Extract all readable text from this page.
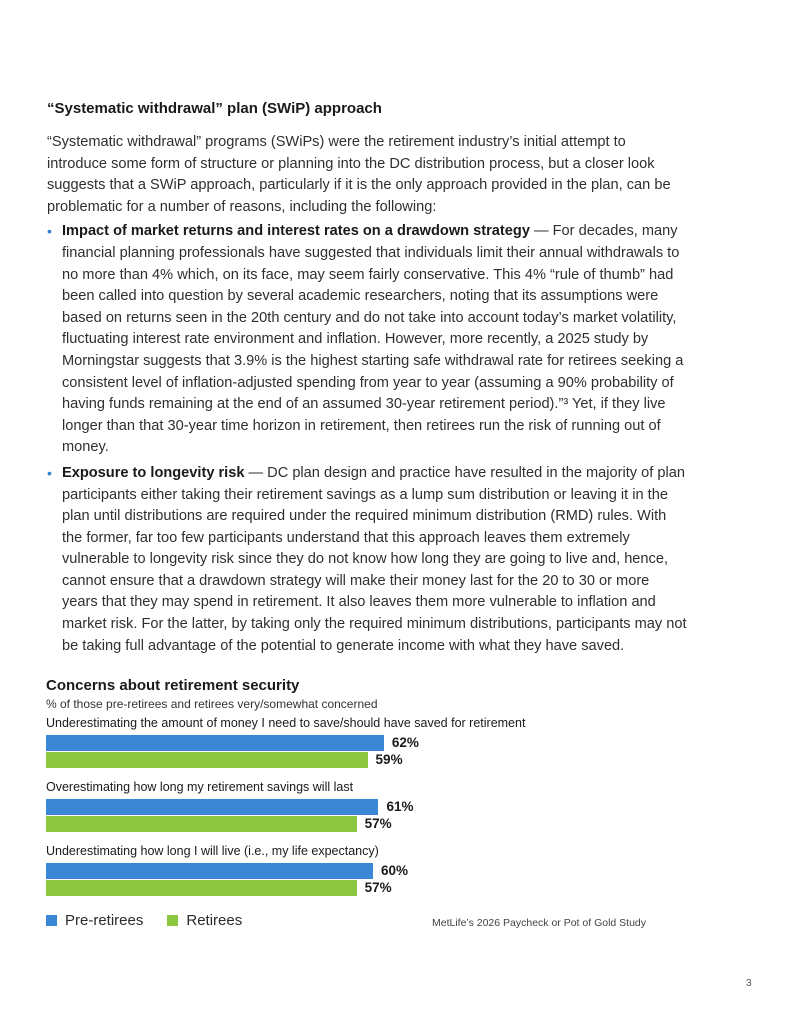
“Systematic withdrawal” plan (SWiP) approach

“Systematic withdrawal” programs (SWiPs) were the retirement industry’s initial attempt to introduce some form of structure or planning into the DC distribution process, but a closer look suggests that a SWiP approach, particularly if it is the only approach provided in the plan, can be problematic for a number of reasons, including the following:

• Impact of market returns and interest rates on a drawdown strategy — For decades, many financial planning professionals have suggested that individuals limit their annual withdrawals to no more than 4% which, on its face, may seem fairly conservative. This 4% “rule of thumb” had been called into question by several academic researchers, noting that its assumptions were based on returns seen in the 20th century and do not take into account today’s market volatility, fluctuating interest rate environment and inflation. However, more recently, a 2025 study by Morningstar suggests that 3.9% is the highest starting safe withdrawal rate for retirees seeking a consistent level of inflation-adjusted spending from year to year (assuming a 90% probability of having funds remaining at the end of an assumed 30-year retirement period).”³ Yet, if they live longer than that 30-year time horizon in retirement, then retirees run the risk of running out of money.
• Exposure to longevity risk — DC plan design and practice have resulted in the majority of plan participants either taking their retirement savings as a lump sum distribution or leaving it in the plan until distributions are required under the required minimum distribution (RMD) rules. With the former, far too few participants understand that this approach leaves them extremely vulnerable to longevity risk since they do not know how long they are going to live and, hence, cannot ensure that a drawdown strategy will make their money last for the 20 to 30 or more years that they may spend in retirement. It also leaves them more vulnerable to inflation and market risk. For the latter, by taking only the required minimum distributions, participants may not be taking full advantage of the potential to generate income with what they have saved.
Concerns about retirement security
% of those pre-retirees and retirees very/somewhat concerned
Underestimating the amount of money I need to save/should have saved for retirement
62%
59%
Overestimating how long my retirement savings will last
61%
57%
Underestimating how long I will live (i.e., my life expectancy)
60%
57%
Pre-retirees	Retirees	MetLife’s 2026 Paycheck or Pot of Gold Study
3
